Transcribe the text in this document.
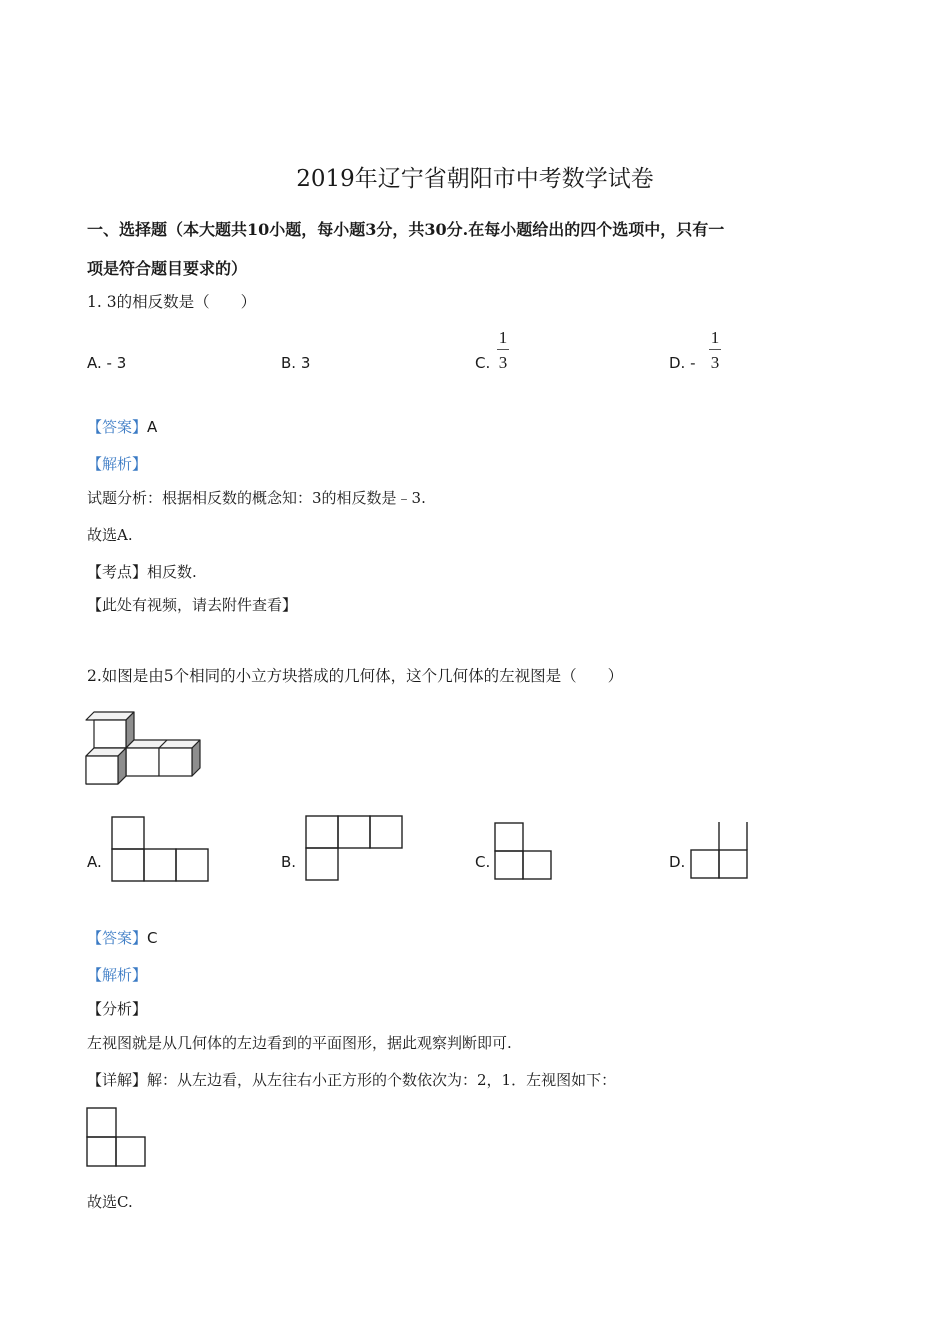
2019年辽宁省朝阳市中考数学试卷
一、选择题（本大题共10小题，每小题3分，共30分.在每小题给出的四个选项中，只有一
项是符合题目要求的）
1. 3的相反数是（　　）
A. - 3	B. 3	C.
1
3	D. -
1
3
【答案】A
【解析】
试题分析：根据相反数的概念知：3的相反数是﹣3.
故选A.
【考点】相反数.
【此处有视频，请去附件查看】
2.如图是由5个相同的小立方块搭成的几何体，这个几何体的左视图是（　　）
A.	B.	C.	D.
【答案】C
【解析】
【分析】
左视图就是从几何体的左边看到的平面图形，据此观察判断即可.
【详解】解：从左边看，从左往右小正方形的个数依次为：2，1．左视图如下：
故选C.
